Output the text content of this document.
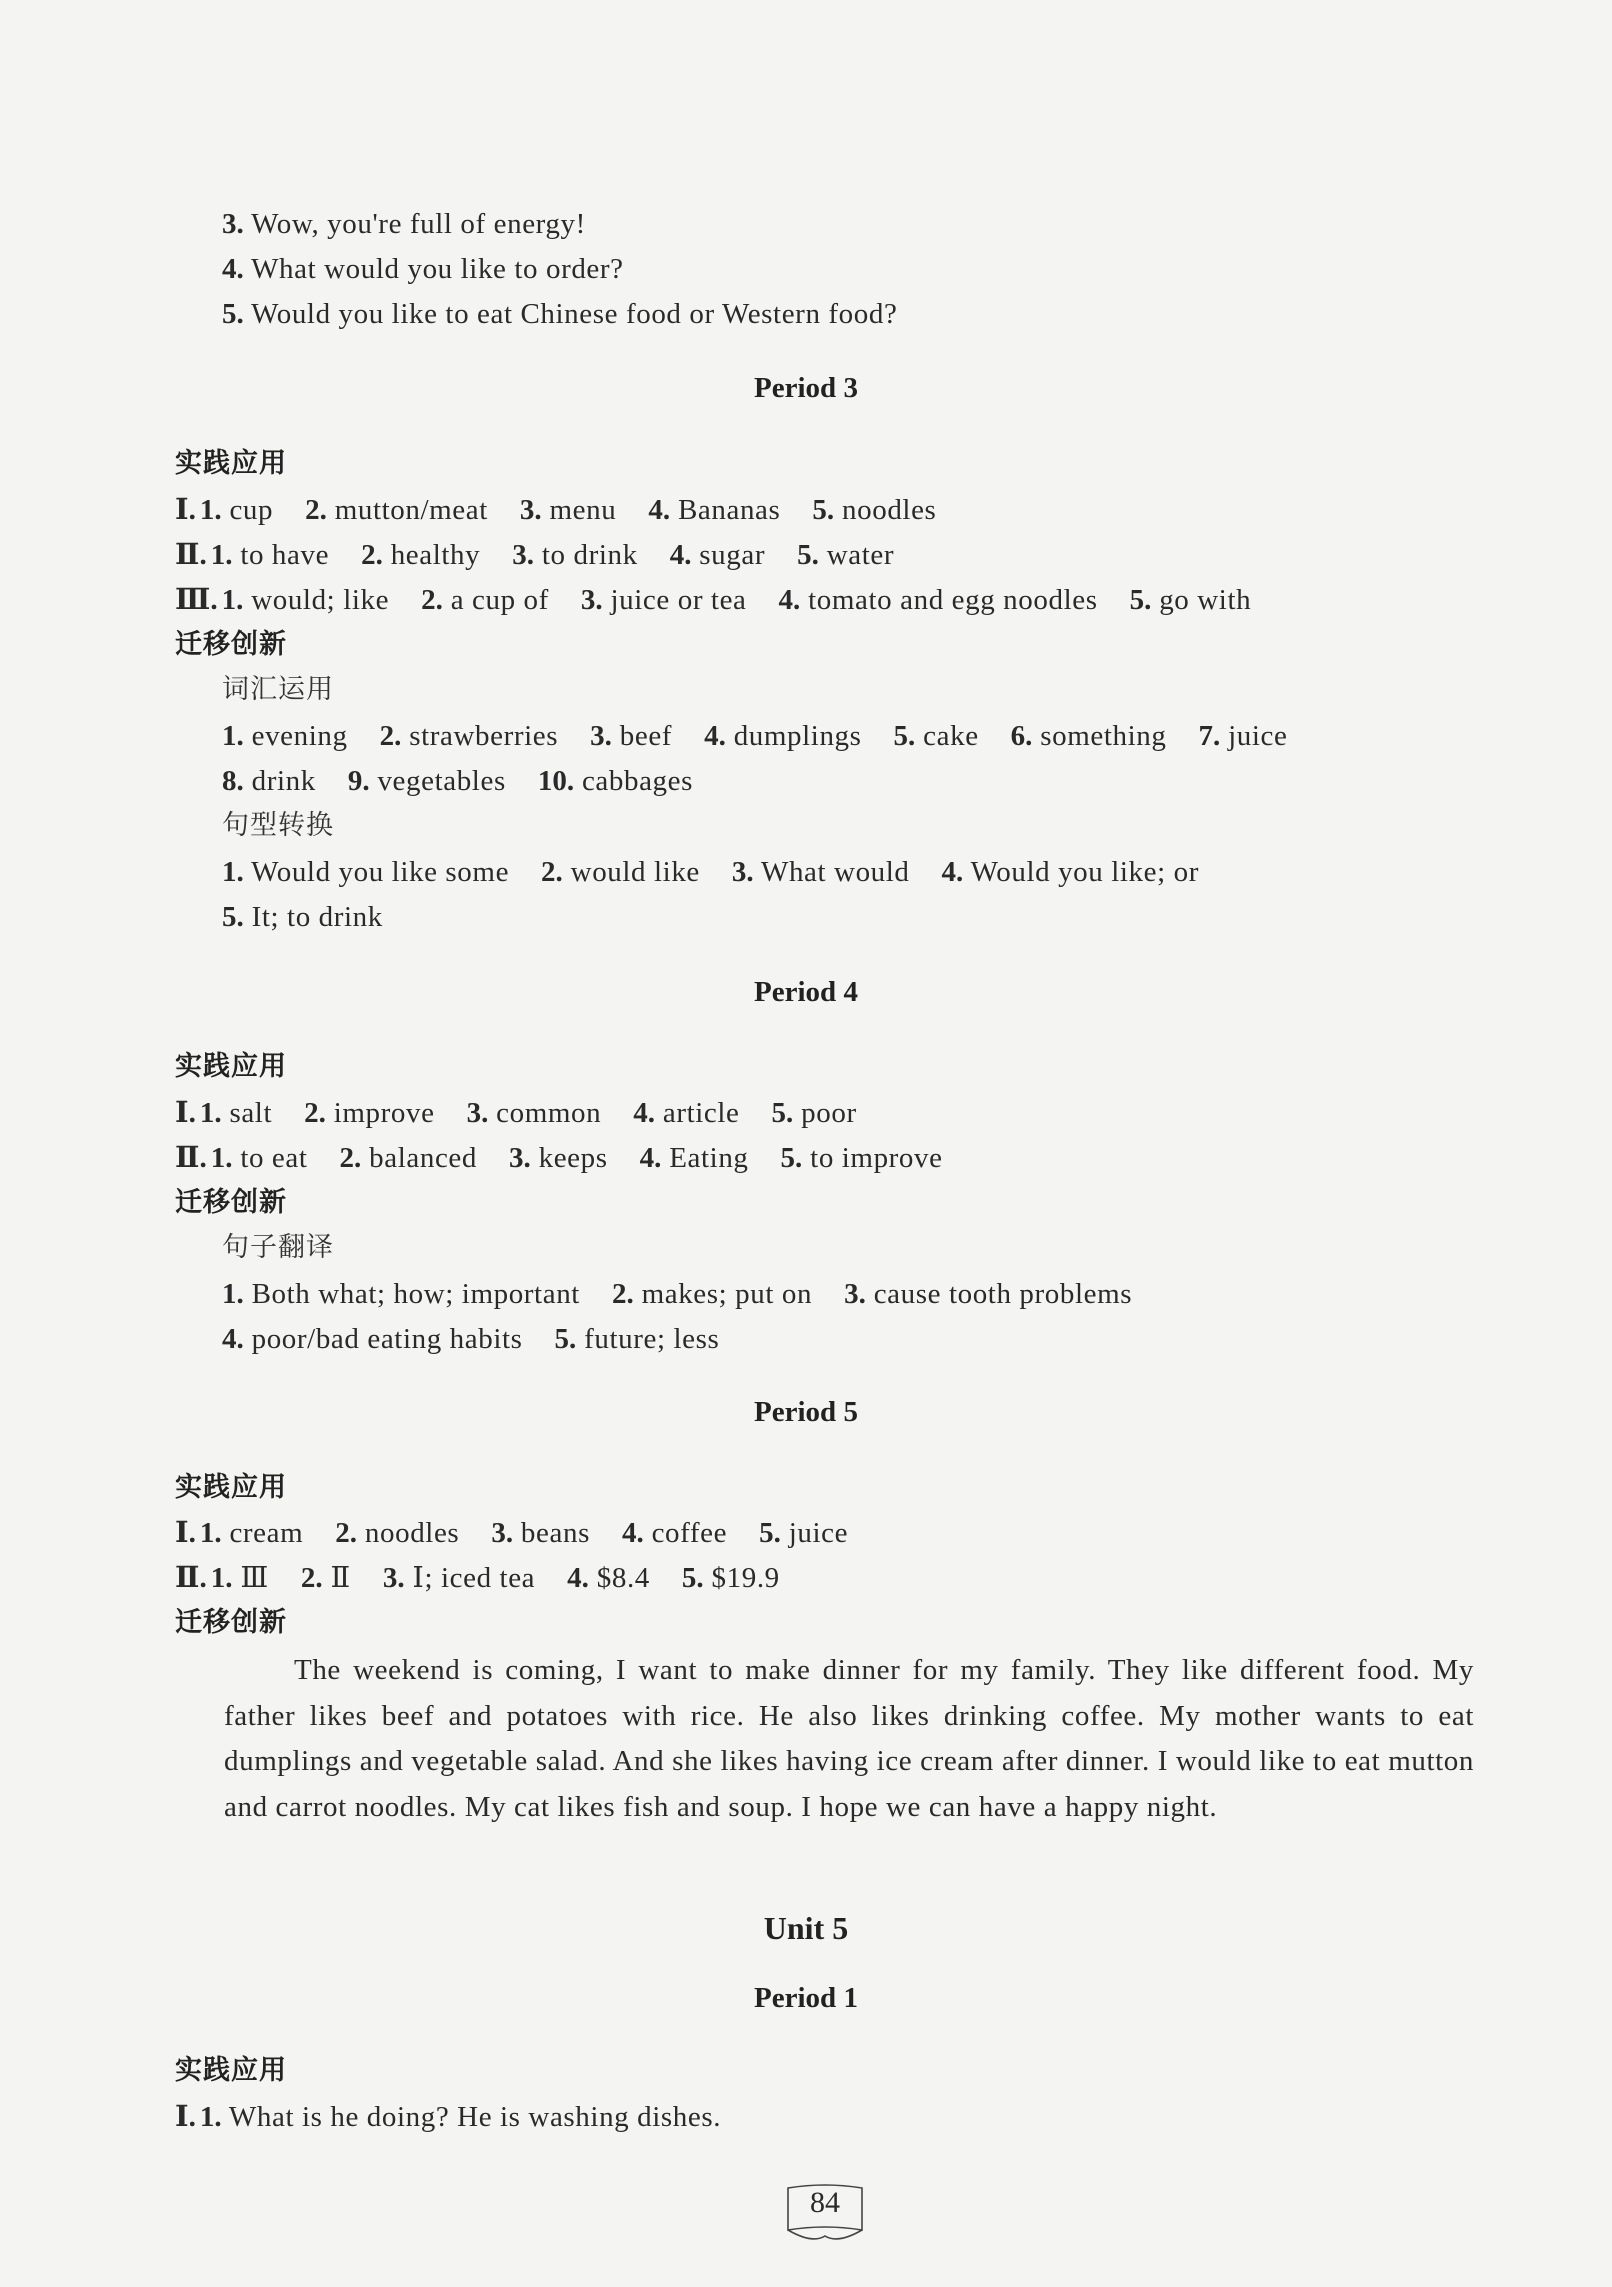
3. Wow, you're full of energy!
4. What would you like to order?
5. Would you like to eat Chinese food or Western food?
Period 3
实践应用
Ⅰ. 1. cup 2. mutton/meat 3. menu 4. Bananas 5. noodles
Ⅱ. 1. to have 2. healthy 3. to drink 4. sugar 5. water
Ⅲ. 1. would; like 2. a cup of 3. juice or tea 4. tomato and egg noodles 5. go with
迁移创新
词汇运用
1. evening 2. strawberries 3. beef 4. dumplings 5. cake 6. something 7. juice
8. drink 9. vegetables 10. cabbages
句型转换
1. Would you like some 2. would like 3. What would 4. Would you like; or
5. It; to drink
Period 4
实践应用
Ⅰ. 1. salt 2. improve 3. common 4. article 5. poor
Ⅱ. 1. to eat 2. balanced 3. keeps 4. Eating 5. to improve
迁移创新
句子翻译
1. Both what; how; important 2. makes; put on 3. cause tooth problems
4. poor/bad eating habits 5. future; less
Period 5
实践应用
Ⅰ. 1. cream 2. noodles 3. beans 4. coffee 5. juice
Ⅱ. 1. Ⅲ 2. Ⅱ 3. Ⅰ; iced tea 4. $8.4 5. $19.9
迁移创新
The weekend is coming, I want to make dinner for my family. They like different food. My father likes beef and potatoes with rice. He also likes drinking coffee. My mother wants to eat dumplings and vegetable salad. And she likes having ice cream after dinner. I would like to eat mutton and carrot noodles. My cat likes fish and soup. I hope we can have a happy night.
Unit 5
Period 1
实践应用
Ⅰ. 1. What is he doing? He is washing dishes.
84
